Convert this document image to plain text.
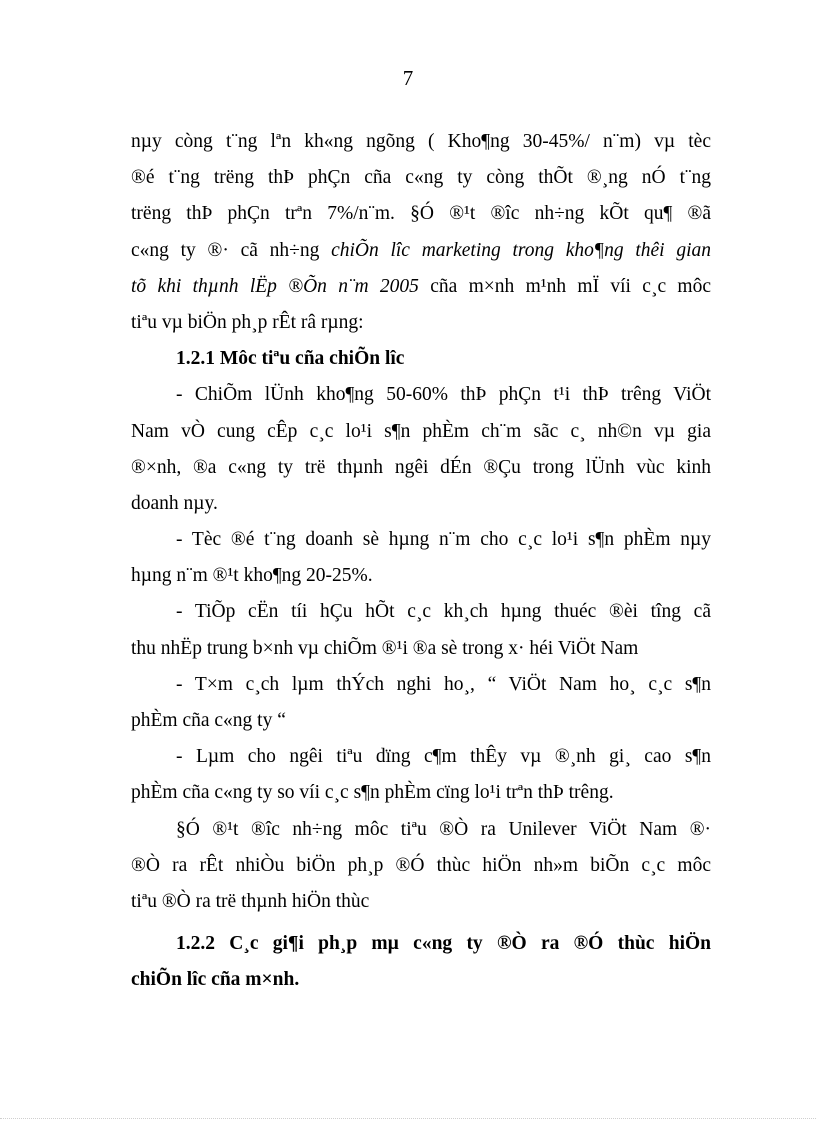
7
nµy còng t¨ng lªn kh«ng ngõng ( Kho¶ng 30-45%/ n¨m) vµ tèc
®é t¨ng trëng thÞ phÇn cña c«ng ty còng thÕt ®¸ng nÓ t¨ng
trëng thÞ phÇn trªn 7%/n¨m. §Ó ®¹t ®îc nh÷ng kÕt qu¶ ®ã
c«ng ty ®· cã nh÷ng chiÕn lîc marketing trong kho¶ng thêi gian
tõ khi thµnh lËp ®Õn n¨m 2005 cña m×nh m¹nh mÏ víi c¸c môc
tiªu vµ biÖn ph¸p rÊt râ rµng:
1.2.1 Môc tiªu cña chiÕn lîc
- ChiÕm lÜnh kho¶ng 50-60% thÞ phÇn t¹i thÞ trêng ViÖt
Nam vÒ cung cÊp c¸c lo¹i s¶n phÈm ch¨m sãc c¸ nh©n vµ gia
®×nh, ®a c«ng ty trë thµnh ngêi dÉn ®Çu trong lÜnh vùc kinh
doanh nµy.
- Tèc ®é t¨ng doanh sè hµng n¨m cho c¸c lo¹i s¶n phÈm nµy
hµng n¨m ®¹t kho¶ng 20-25%.
- TiÕp cËn tíi hÇu hÕt c¸c kh¸ch hµng thuéc ®èi tîng cã
thu nhËp trung b×nh vµ chiÕm ®¹i ®a sè trong x· héi ViÖt Nam
- T×m c¸ch lµm thÝch nghi ho¸, “ ViÖt Nam ho¸ c¸c s¶n
phÈm cña c«ng ty “
- Lµm cho ngêi tiªu dïng c¶m thÊy vµ ®¸nh gi¸ cao s¶n
phÈm cña c«ng ty so víi c¸c s¶n phÈm cïng lo¹i trªn thÞ trêng.
§Ó ®¹t ®îc nh÷ng môc tiªu ®Ò ra Unilever ViÖt Nam ®·
®Ò ra rÊt nhiÒu biÖn ph¸p ®Ó thùc hiÖn nh»m biÕn c¸c môc
tiªu ®Ò ra trë thµnh hiÖn thùc
1.2.2 C¸c gi¶i ph¸p mµ c«ng ty ®Ò ra ®Ó thùc hiÖn
chiÕn lîc cña m×nh.
